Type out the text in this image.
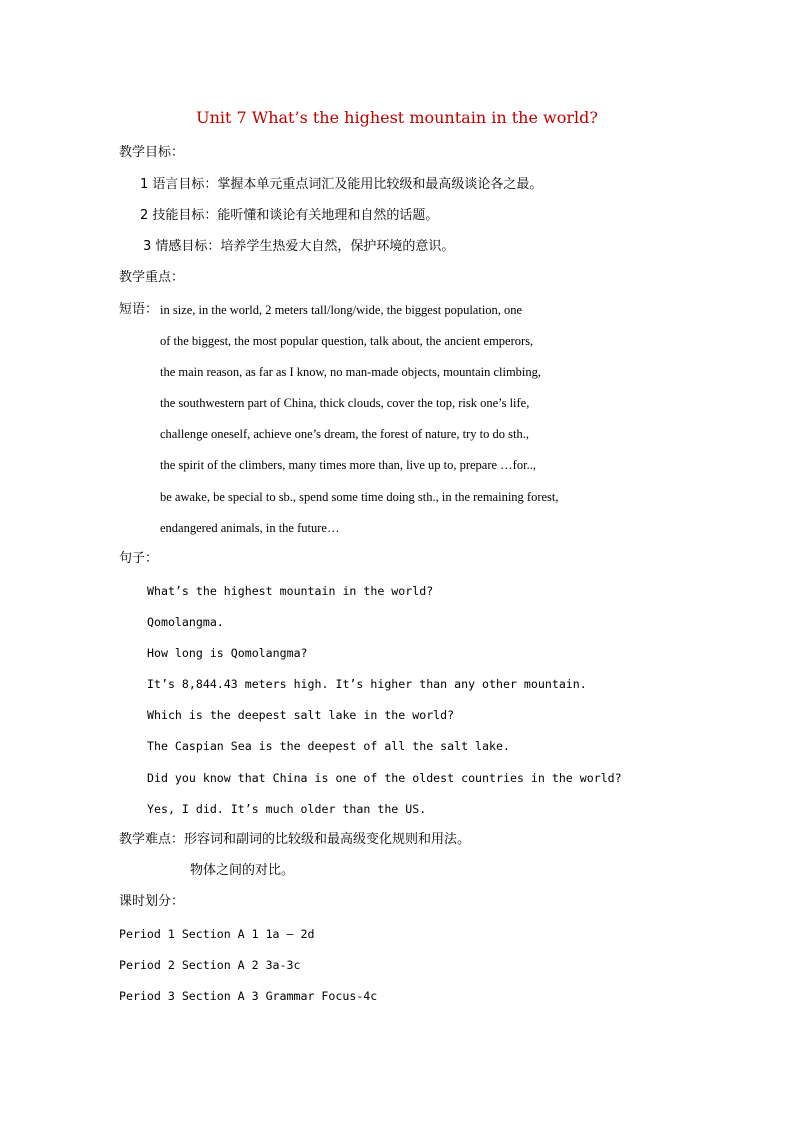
Unit 7 What’s the highest mountain in the world?
教学目标：
1 语言目标：掌握本单元重点词汇及能用比较级和最高级谈论各之最。
2 技能目标：能听懂和谈论有关地理和自然的话题。
3 情感目标：培养学生热爱大自然，保护环境的意识。
教学重点：
短语： in size, in the world, 2 meters tall/long/wide, the biggest population, one
of the biggest, the most popular question, talk about, the ancient emperors,
the main reason, as far as I know, no man-made objects, mountain climbing,
the southwestern part of China, thick clouds, cover the top, risk one’s life,
challenge oneself, achieve one’s dream, the forest of nature, try to do sth.,
the spirit of the climbers, many times more than, live up to, prepare …for..,
be awake, be special to sb., spend some time doing sth., in the remaining forest,
endangered animals, in the future…
句子：
What’s the highest mountain in the world?
Qomolangma.
How long is Qomolangma?
It’s 8,844.43 meters high. It’s higher than any other mountain.
Which is the deepest salt lake in the world?
The Caspian Sea is the deepest of all the salt lake.
Did you know that China is one of the oldest countries in the world?
Yes, I did. It’s much older than the US.
教学难点：形容词和副词的比较级和最高级变化规则和用法。
物体之间的对比。
课时划分：
Period 1 Section A 1 1a – 2d
Period 2 Section A 2 3a-3c
Period 3 Section A 3 Grammar Focus-4c
